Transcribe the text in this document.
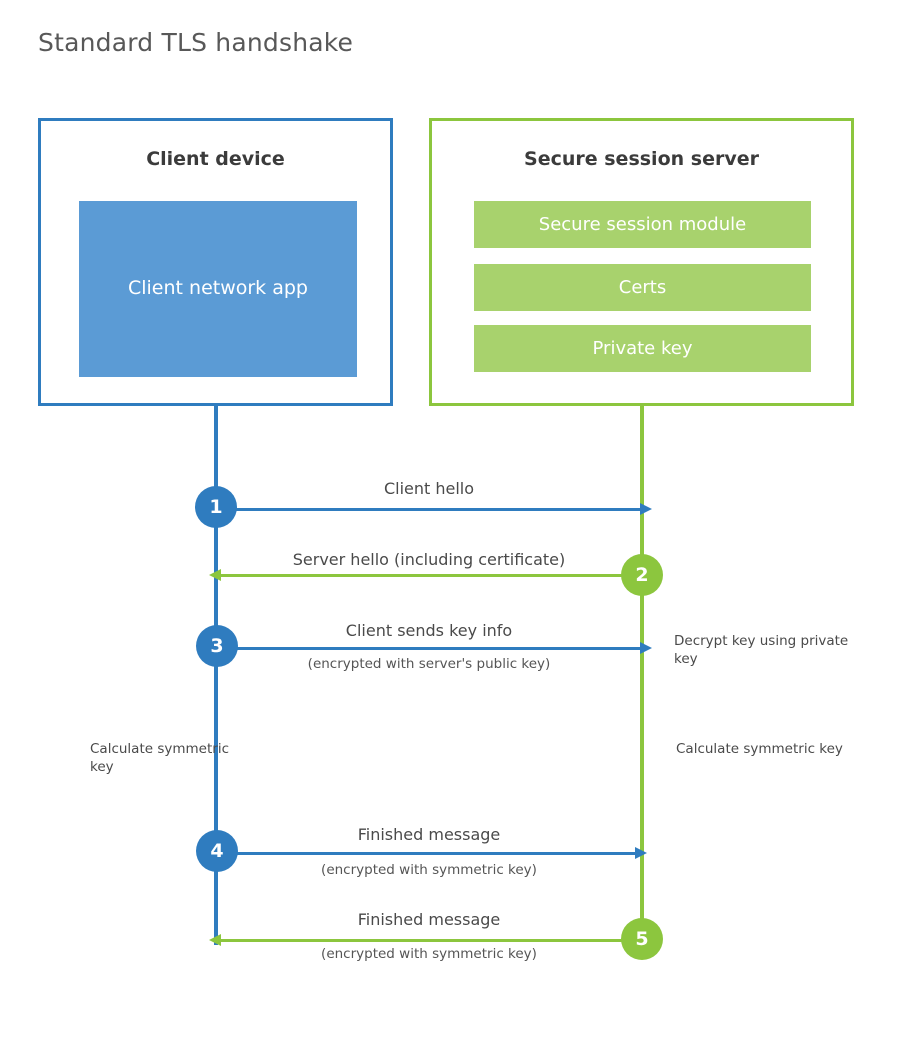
Standard TLS handshake
Client device
Client network app
Secure session server
Secure session module
Certs
Private key
1
Client hello
2
Server hello (including certificate)
3
Client sends key info
(encrypted with server's public key)
Decrypt key using private key
Calculate symmetric key
Calculate symmetric key
4
Finished message
(encrypted with symmetric key)
5
Finished message
(encrypted with symmetric key)
